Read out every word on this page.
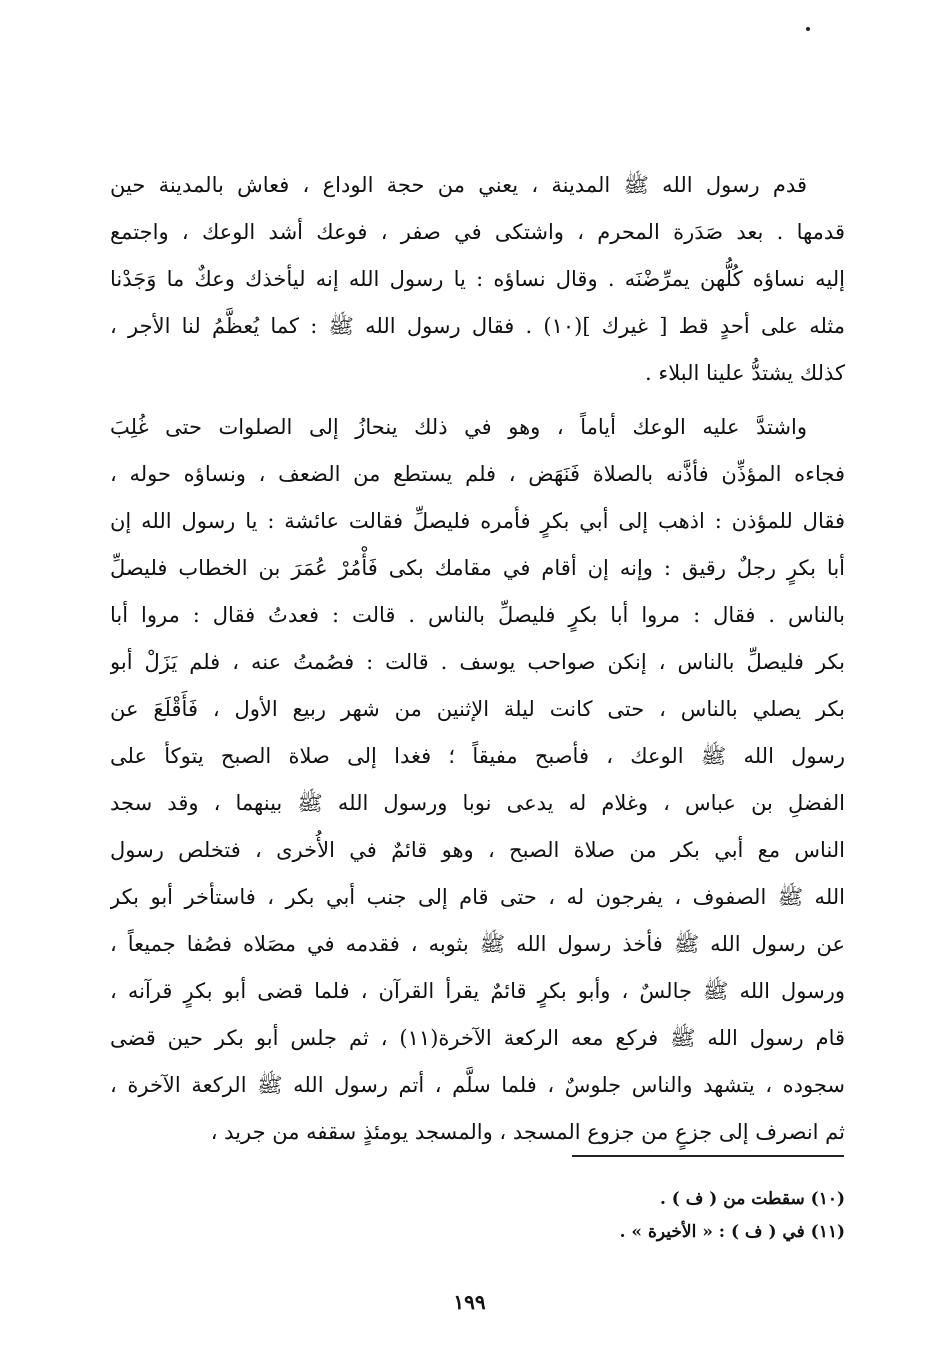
قدم رسول الله ﷺ المدينة ، يعني من حجة الوداع ، فعاش بالمدينة حين
قدمها . بعد صَدَرة المحرم ، واشتكى في صفر ، فوعك أشد الوعك ، واجتمع
إليه نساؤه كُلُّهن يمرِّضْنَه . وقال نساؤه : يا رسول الله إنه ليأخذك وعكٌ ما وَجَدْنا
مثله على أحدٍ قط [ غيرك ](١٠) . فقال رسول الله ﷺ : كما يُعظَّمُ لنا الأجر ،
كذلك يشتدُّ علينا البلاء .
واشتدَّ عليه الوعك أياماً ، وهو في ذلك ينحازُ إلى الصلوات حتى غُلِبَ
فجاءه المؤذِّن فأذَّنه بالصلاة فَنَهَض ، فلم يستطع من الضعف ، ونساؤه حوله ،
فقال للمؤذن : اذهب إلى أبي بكرٍ فأمره فليصلِّ فقالت عائشة : يا رسول الله إن
أبا بكرٍ رجلٌ رقيق : وإنه إن أقام في مقامك بكى فَأْمُرْ عُمَرَ بن الخطاب فليصلِّ
بالناس . فقال : مروا أبا بكرٍ فليصلِّ بالناس . قالت : فعدتُ فقال : مروا أبا
بكر فليصلِّ بالناس ، إنكن صواحب يوسف . قالت : فصُمتُ عنه ، فلم يَزَلْ أبو
بكر يصلي بالناس ، حتى كانت ليلة الإثنين من شهر ربيع الأول ، فَأَقْلَعَ عن
رسول الله ﷺ الوعك ، فأصبح مفيقاً ؛ فغدا إلى صلاة الصبح يتوكأ على
الفضلِ بن عباس ، وغلام له يدعى نوبا ورسول الله ﷺ بينهما ، وقد سجد
الناس مع أبي بكر من صلاة الصبح ، وهو قائمٌ في الأُخرى ، فتخلص رسول
الله ﷺ الصفوف ، يفرجون له ، حتى قام إلى جنب أبي بكر ، فاستأخر أبو بكر
عن رسول الله ﷺ فأخذ رسول الله ﷺ بثوبه ، فقدمه في مصَلاه فصُفا جميعاً ،
ورسول الله ﷺ جالسٌ ، وأبو بكرٍ قائمٌ يقرأ القرآن ، فلما قضى أبو بكرٍ قرآنه ،
قام رسول الله ﷺ فركع معه الركعة الآخرة(١١) ، ثم جلس أبو بكر حين قضى
سجوده ، يتشهد والناس جلوسٌ ، فلما سلَّم ، أتم رسول الله ﷺ الركعة الآخرة ،
ثم انصرف إلى جزعٍ من جزوع المسجد ، والمسجد يومئذٍ سقفه من جريد ،
(١٠) سقطت من ( ف ) .
(١١) في ( ف ) : « الأخيرة » .
١٩٩
